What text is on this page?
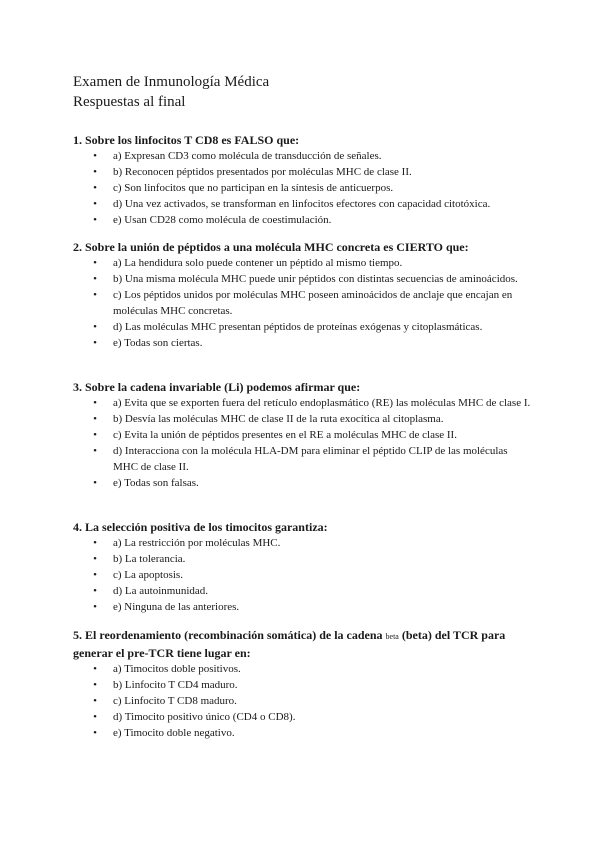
Examen de Inmunología Médica
Respuestas al final
1. Sobre los linfocitos T CD8 es FALSO que:
• a) Expresan CD3 como molécula de transducción de señales.
• b) Reconocen péptidos presentados por moléculas MHC de clase II.
• c) Son linfocitos que no participan en la síntesis de anticuerpos.
• d) Una vez activados, se transforman en linfocitos efectores con capacidad citotóxica.
• e) Usan CD28 como molécula de coestimulación.
2. Sobre la unión de péptidos a una molécula MHC concreta es CIERTO que:
• a) La hendidura solo puede contener un péptido al mismo tiempo.
• b) Una misma molécula MHC puede unir péptidos con distintas secuencias de aminoácidos.
• c) Los péptidos unidos por moléculas MHC poseen aminoácidos de anclaje que encajan en moléculas MHC concretas.
• d) Las moléculas MHC presentan péptidos de proteínas exógenas y citoplasmáticas.
• e) Todas son ciertas.
3. Sobre la cadena invariable (Li) podemos afirmar que:
• a) Evita que se exporten fuera del retículo endoplasmático (RE) las moléculas MHC de clase I.
• b) Desvía las moléculas MHC de clase II de la ruta exocítica al citoplasma.
• c) Evita la unión de péptidos presentes en el RE a moléculas MHC de clase II.
• d) Interacciona con la molécula HLA-DM para eliminar el péptido CLIP de las moléculas MHC de clase II.
• e) Todas son falsas.
4. La selección positiva de los timocitos garantiza:
• a) La restricción por moléculas MHC.
• b) La tolerancia.
• c) La apoptosis.
• d) La autoinmunidad.
• e) Ninguna de las anteriores.
5. El reordenamiento (recombinación somática) de la cadena beta (beta) del TCR para generar el pre-TCR tiene lugar en:
• a) Timocitos doble positivos.
• b) Linfocito T CD4 maduro.
• c) Linfocito T CD8 maduro.
• d) Timocito positivo único (CD4 o CD8).
• e) Timocito doble negativo.
